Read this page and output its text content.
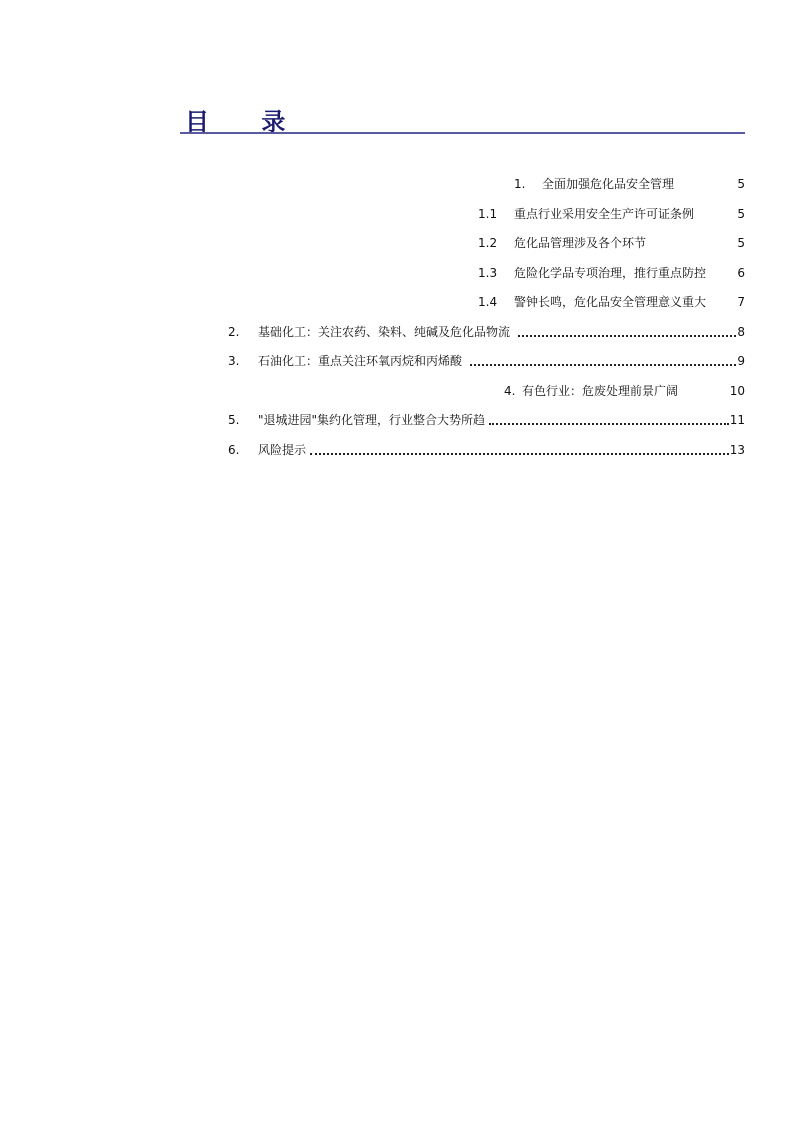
目 录
1. 全面加强危化品安全管理	5
1.1 重点行业采用安全生产许可证条例	5
1.2 危化品管理涉及各个环节	5
1.3 危险化学品专项治理，推行重点防控	6
1.4 警钟长鸣，危化品安全管理意义重大	7
2.	基础化工：关注农药、染料、纯碱及危化品物流	8
3.	石油化工：重点关注环氧丙烷和丙烯酸	9
4. 有色行业：危废处理前景广阔	10
5.	"退城进园"集约化管理，行业整合大势所趋	11
6.	风险提示	13
